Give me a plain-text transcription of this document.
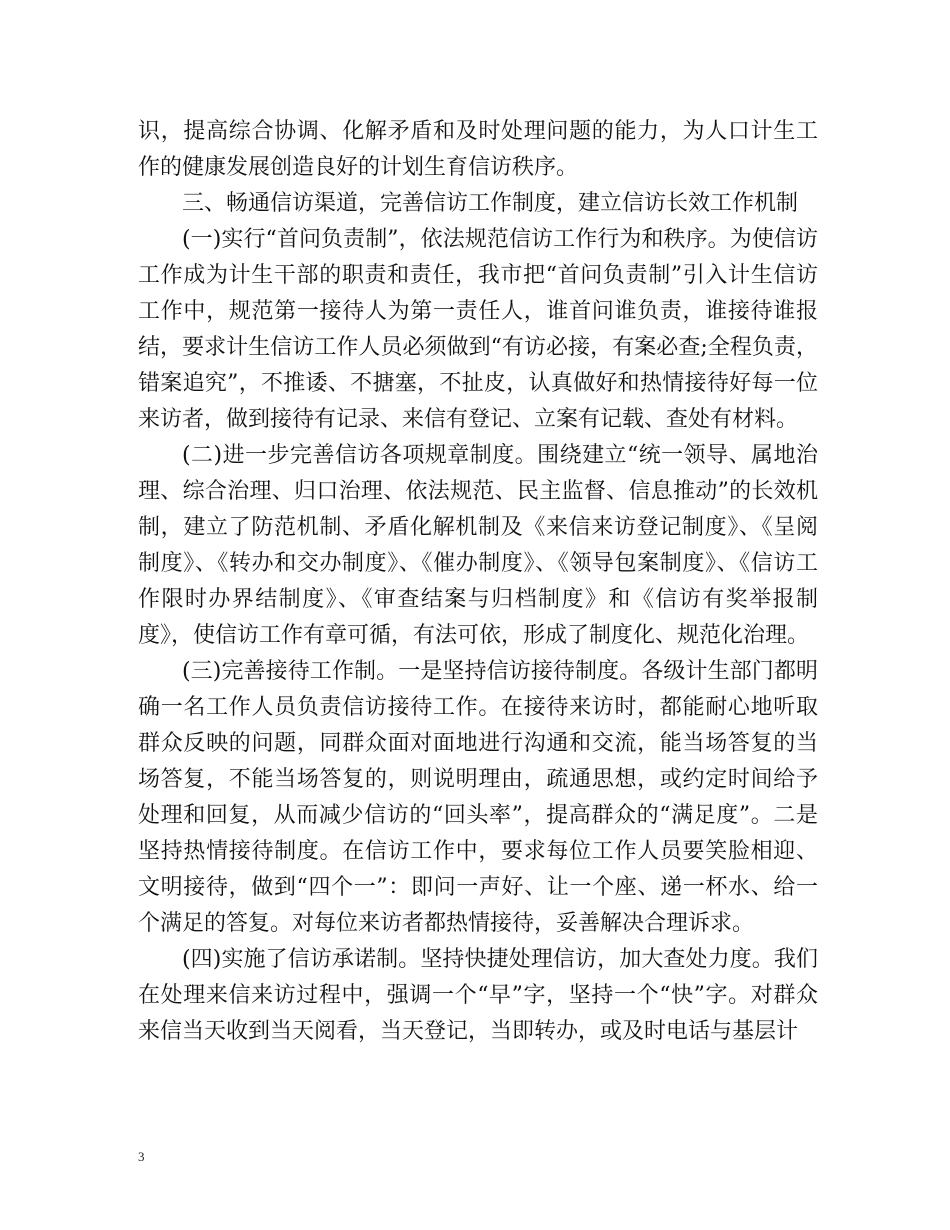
识，提高综合协调、化解矛盾和及时处理问题的能力，为人口计生工作的健康发展创造良好的计划生育信访秩序。

三、畅通信访渠道，完善信访工作制度，建立信访长效工作机制

(一)实行“首问负责制”，依法规范信访工作行为和秩序。为使信访工作成为计生干部的职责和责任，我市把“首问负责制”引入计生信访工作中，规范第一接待人为第一责任人，谁首问谁负责，谁接待谁报结，要求计生信访工作人员必须做到“有访必接，有案必查;全程负责，错案追究”，不推诿、不搪塞，不扯皮，认真做好和热情接待好每一位来访者，做到接待有记录、来信有登记、立案有记载、查处有材料。

(二)进一步完善信访各项规章制度。围绕建立“统一领导、属地治理、综合治理、归口治理、依法规范、民主监督、信息推动”的长效机制，建立了防范机制、矛盾化解机制及《来信来访登记制度》、《呈阅制度》、《转办和交办制度》、《催办制度》、《领导包案制度》、《信访工作限时办界结制度》、《审查结案与归档制度》和《信访有奖举报制度》，使信访工作有章可循，有法可依，形成了制度化、规范化治理。

(三)完善接待工作制。一是坚持信访接待制度。各级计生部门都明确一名工作人员负责信访接待工作。在接待来访时，都能耐心地听取群众反映的问题，同群众面对面地进行沟通和交流，能当场答复的当场答复，不能当场答复的，则说明理由，疏通思想，或约定时间给予处理和回复，从而减少信访的“回头率”，提高群众的“满足度”。二是坚持热情接待制度。在信访工作中，要求每位工作人员要笑脸相迎、文明接待，做到“四个一”：即问一声好、让一个座、递一杯水、给一个满足的答复。对每位来访者都热情接待，妥善解决合理诉求。

(四)实施了信访承诺制。坚持快捷处理信访，加大查处力度。我们在处理来信来访过程中，强调一个“早”字，坚持一个“快”字。对群众来信当天收到当天阅看，当天登记，当即转办，或及时电话与基层计

3
